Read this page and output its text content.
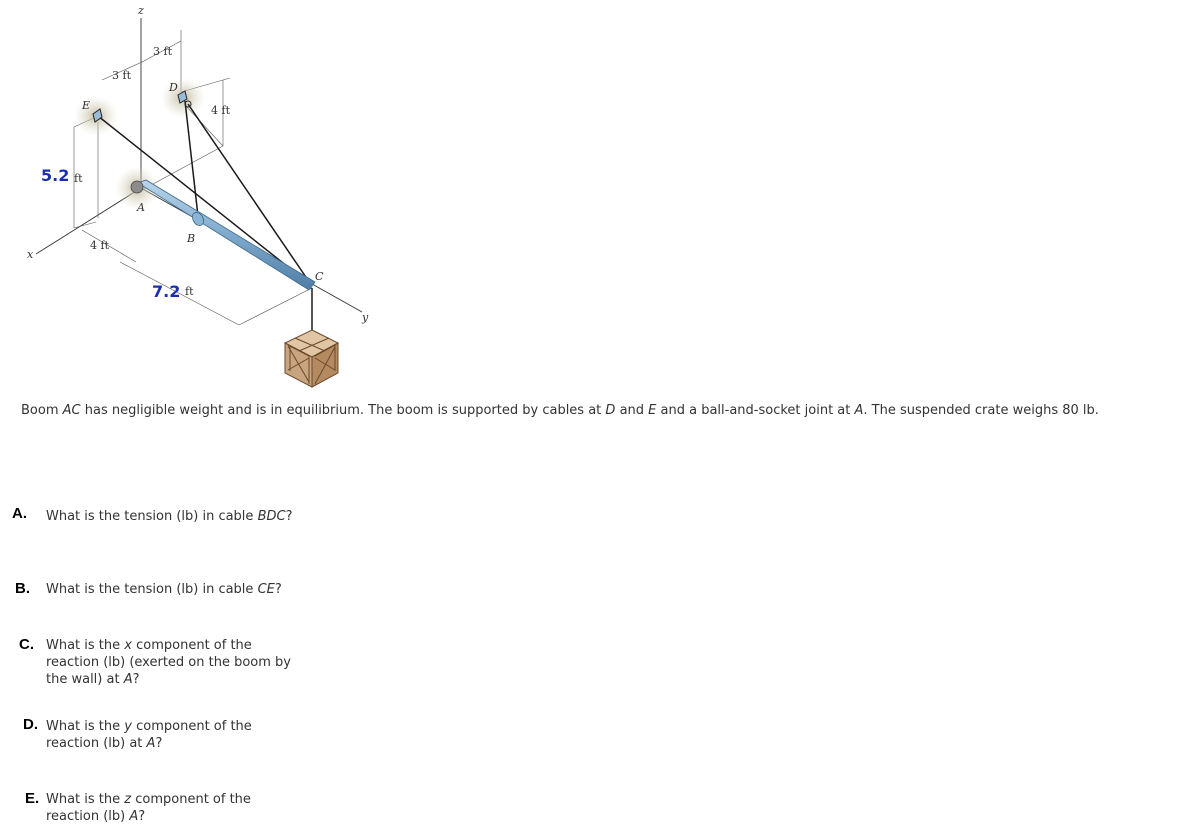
z
x
y
A
B
C
D
E
3 ft
3 ft
4 ft
4 ft
5.2 ft
7.2 ft
Boom AC has negligible weight and is in equilibrium. The boom is supported by cables at D and E and a ball-and-socket joint at A. The suspended crate weighs 80 lb.
A. What is the tension (lb) in cable BDC?
B. What is the tension (lb) in cable CE?
C. What is the x component of the
reaction (lb) (exerted on the boom by
the wall) at A?
D. What is the y component of the
reaction (lb) at A?
E. What is the z component of the
reaction (lb) A?
